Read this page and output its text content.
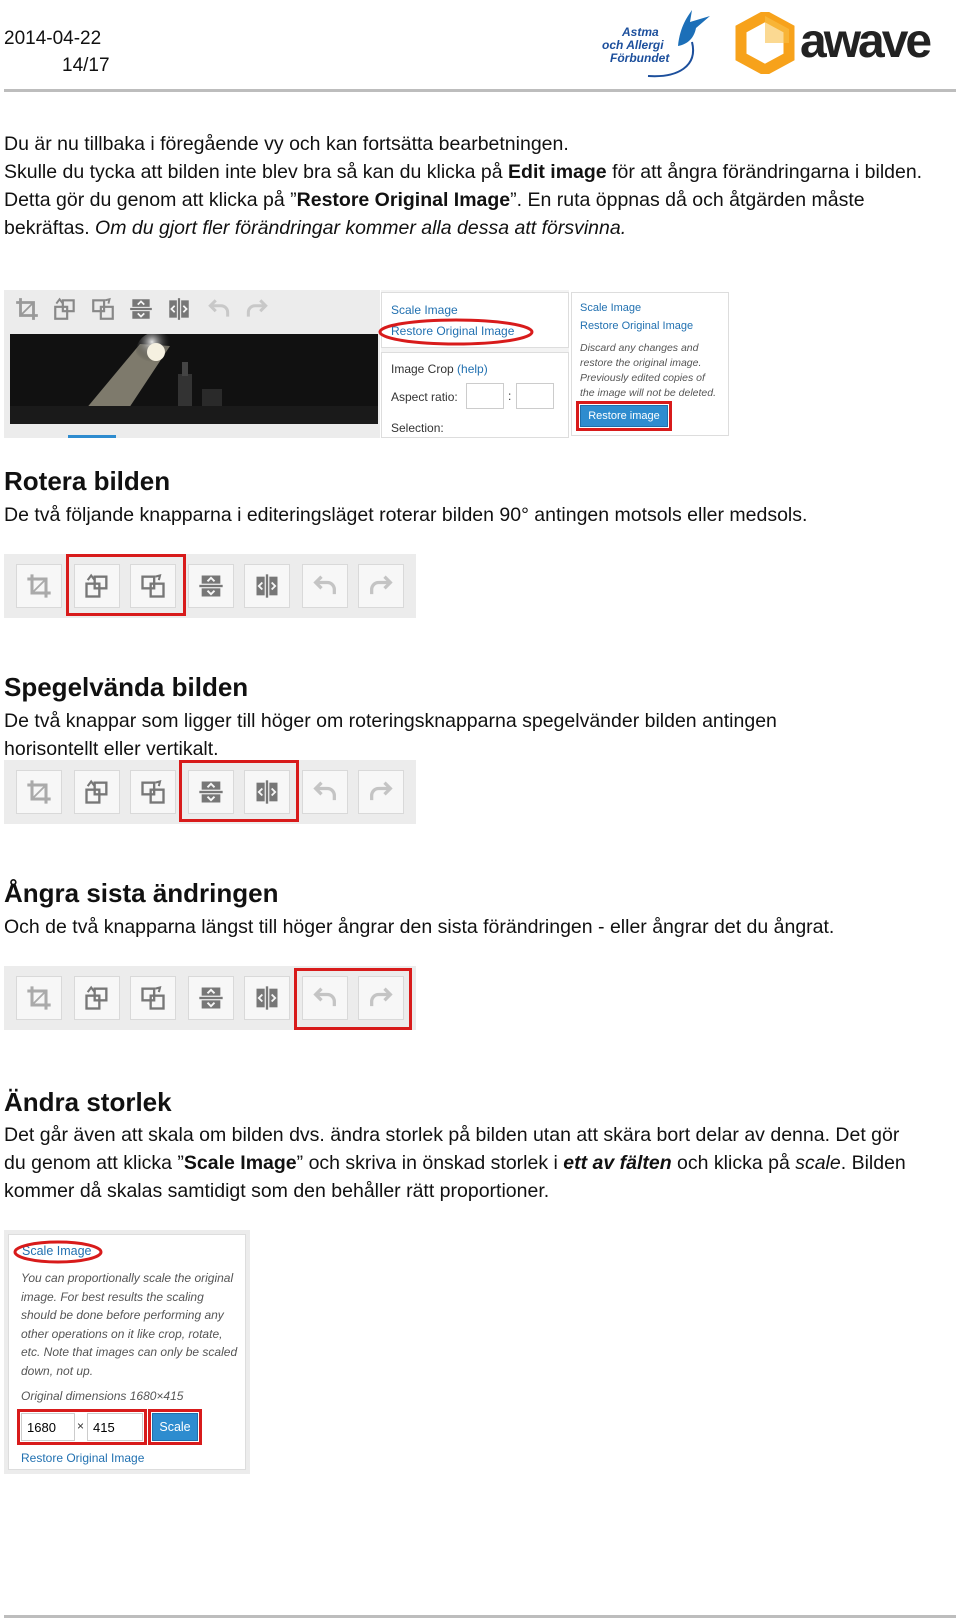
2014-04-22
14/17
Astma
och Allergi
Förbundet	awave
Du är nu tillbaka i föregående vy och kan fortsätta bearbetningen.
Skulle du tycka att bilden inte blev bra så kan du klicka på Edit image för att ångra förändringarna i bilden.
Detta gör du genom att klicka på ”Restore Original Image”. En ruta öppnas då och åtgärden måste bekräftas. Om du gjort fler förändringar kommer alla dessa att försvinna.
Scale Image
Restore Original Image
Image Crop (help)
Aspect ratio:	:
Selection:
Scale Image
Restore Original Image
Discard any changes and restore the original image. Previously edited copies of the image will not be deleted.
Restore image
Rotera bilden
De två följande knapparna i editeringsläget roterar bilden 90° antingen motsols eller medsols.
Spegelvända bilden
De två knappar som ligger till höger om roteringsknapparna spegelvänder bilden antingen horisontellt eller vertikalt.
Ångra sista ändringen
Och de två knapparna längst till höger ångrar den sista förändringen - eller ångrar det du ångrat.
Ändra storlek
Det går även att skala om bilden dvs. ändra storlek på bilden utan att skära bort delar av denna. Det gör du genom att klicka ”Scale Image” och skriva in önskad storlek i ett av fälten och klicka på scale. Bilden kommer då skalas samtidigt som den behåller rätt proportioner.
Scale Image
You can proportionally scale the original image. For best results the scaling should be done before performing any other operations on it like crop, rotate, etc. Note that images can only be scaled down, not up.
Original dimensions 1680×415
1680
×
415	Scale
Restore Original Image
